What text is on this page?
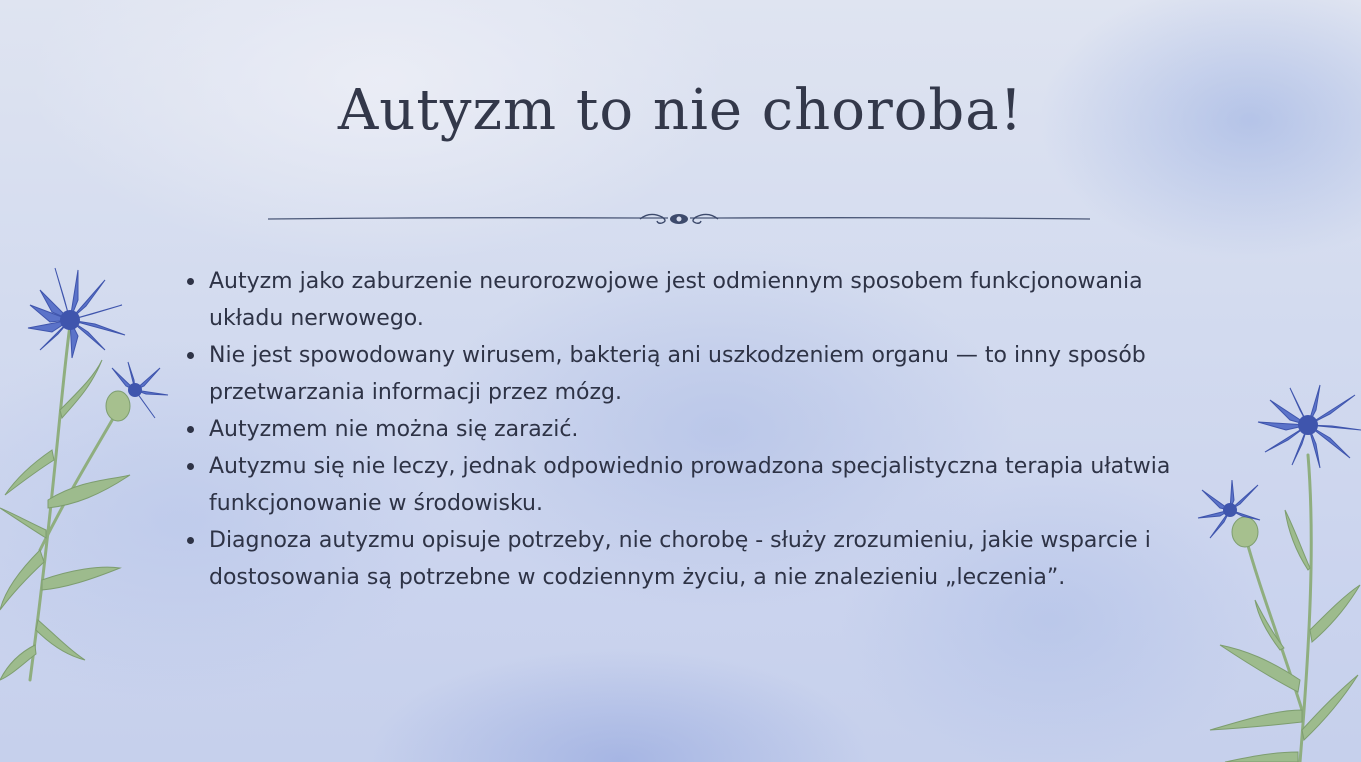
Autyzm to nie choroba!
Autyzm jako zaburzenie neurorozwojowe jest odmiennym sposobem funkcjonowania układu nerwowego.
Nie jest spowodowany wirusem, bakterią ani uszkodzeniem organu — to inny sposób przetwarzania informacji przez mózg.
Autyzmem nie można się zarazić.
Autyzmu się nie leczy, jednak odpowiednio prowadzona specjalistyczna terapia ułatwia funkcjonowanie w środowisku.
Diagnoza autyzmu opisuje potrzeby, nie chorobę - służy zrozumieniu, jakie wsparcie i dostosowania są potrzebne w codziennym życiu, a nie znalezieniu „leczenia”.
